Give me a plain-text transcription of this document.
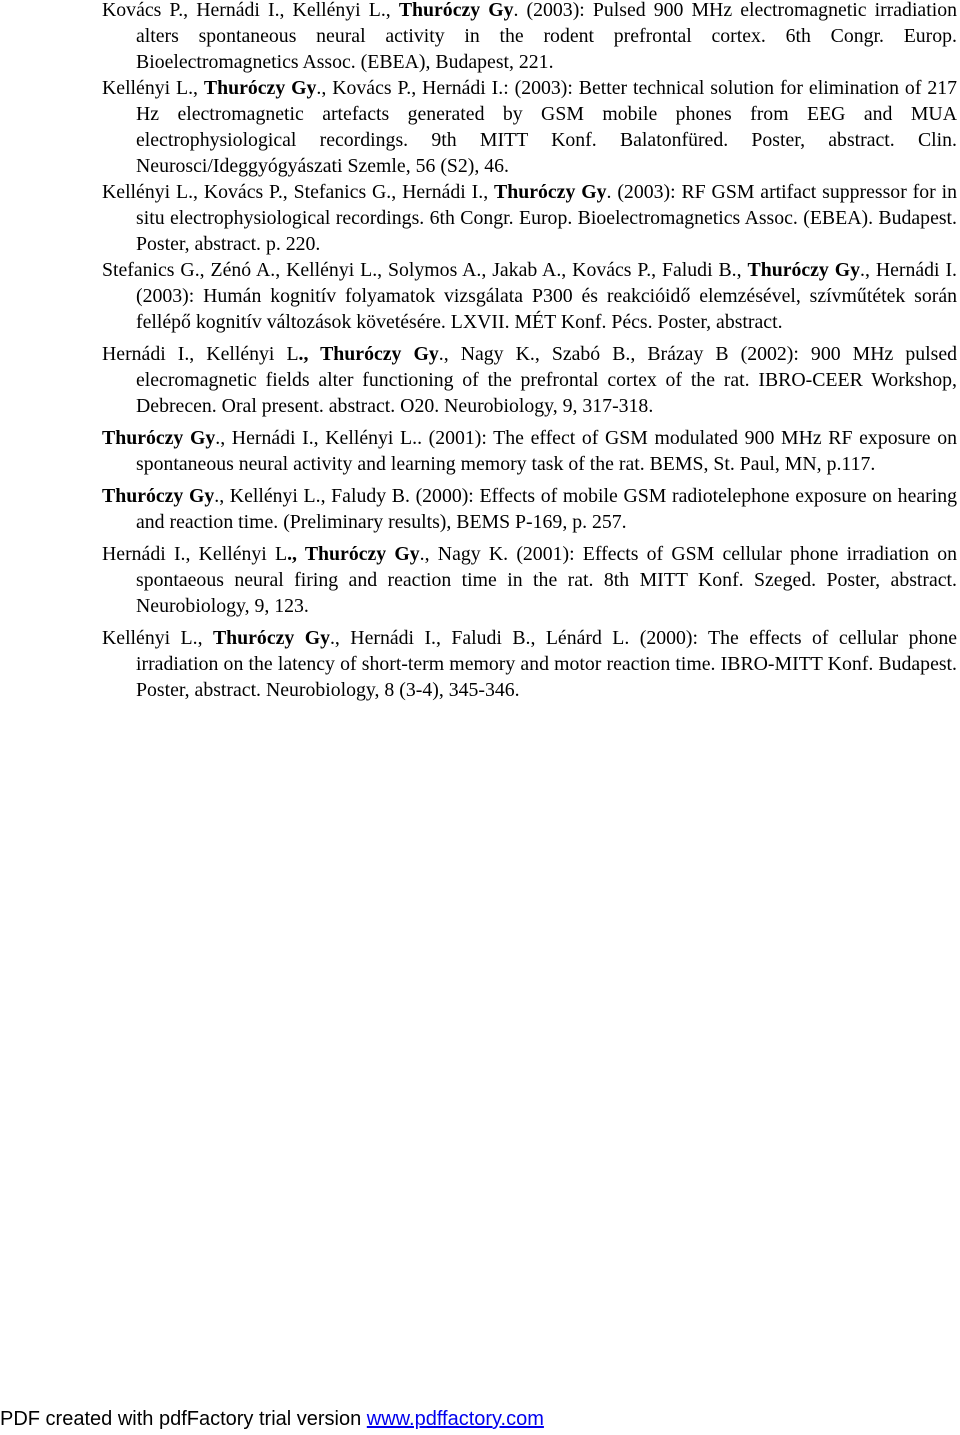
Kovács P., Hernádi I., Kellényi L., Thuróczy Gy. (2003): Pulsed 900 MHz electromagnetic irradiation alters spontaneous neural activity in the rodent prefrontal cortex. 6th Congr. Europ. Bioelectromagnetics Assoc. (EBEA), Budapest, 221.
Kellényi L., Thuróczy Gy., Kovács P., Hernádi I.: (2003): Better technical solution for elimination of 217 Hz electromagnetic artefacts generated by GSM mobile phones from EEG and MUA electrophysiological recordings. 9th MITT Konf. Balatonfüred. Poster, abstract. Clin. Neurosci/Ideggyógyászati Szemle, 56 (S2), 46.
Kellényi L., Kovács P., Stefanics G., Hernádi I., Thuróczy Gy. (2003): RF GSM artifact suppressor for in situ electrophysiological recordings. 6th Congr. Europ. Bioelectromagnetics Assoc. (EBEA). Budapest. Poster, abstract. p. 220.
Stefanics G., Zénó A., Kellényi L., Solymos A., Jakab A., Kovács P., Faludi B., Thuróczy Gy., Hernádi I. (2003): Humán kognitív folyamatok vizsgálata P300 és reakcióidő elemzésével, szívműtétek során fellépő kognitív változások követésére. LXVII. MÉT Konf. Pécs. Poster, abstract.
Hernádi I., Kellényi L., Thuróczy Gy., Nagy K., Szabó B., Brázay B (2002): 900 MHz pulsed elecromagnetic fields alter functioning of the prefrontal cortex of the rat. IBRO-CEER Workshop, Debrecen. Oral present. abstract. O20. Neurobiology, 9, 317-318.
Thuróczy Gy., Hernádi I., Kellényi L.. (2001): The effect of GSM modulated 900 MHz RF exposure on spontaneous neural activity and learning memory task of the rat. BEMS, St. Paul, MN, p.117.
Thuróczy Gy., Kellényi L., Faludy B. (2000): Effects of mobile GSM radiotelephone exposure on hearing and reaction time. (Preliminary results), BEMS P-169, p. 257.
Hernádi I., Kellényi L., Thuróczy Gy., Nagy K. (2001): Effects of GSM cellular phone irradiation on spontaeous neural firing and reaction time in the rat. 8th MITT Konf. Szeged. Poster, abstract. Neurobiology, 9, 123.
Kellényi L., Thuróczy Gy., Hernádi I., Faludi B., Lénárd L. (2000): The effects of cellular phone irradiation on the latency of short-term memory and motor reaction time. IBRO-MITT Konf. Budapest. Poster, abstract. Neurobiology, 8 (3-4), 345-346.
PDF created with pdfFactory trial version www.pdffactory.com
